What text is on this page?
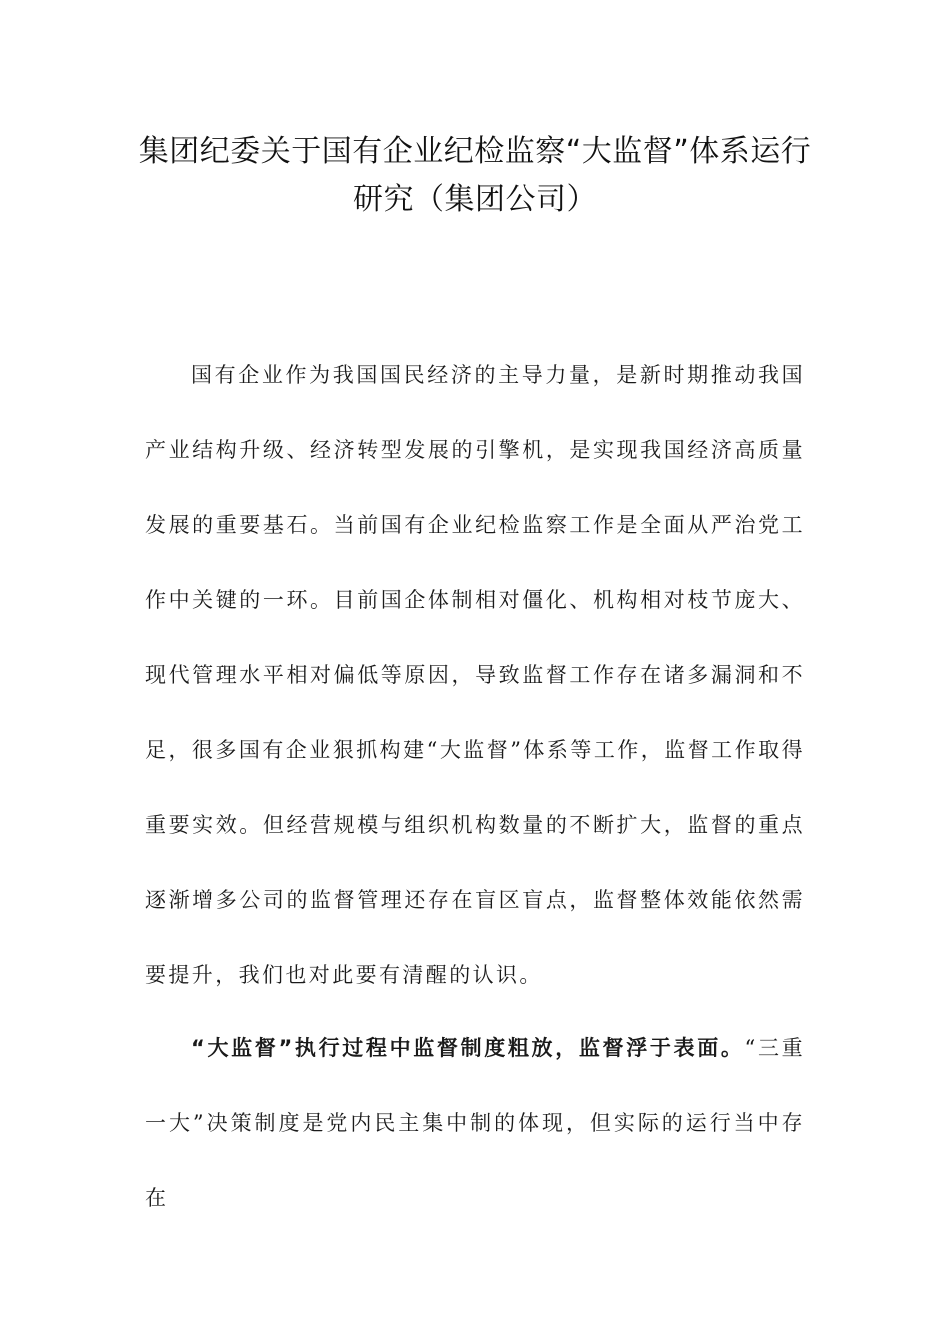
集团纪委关于国有企业纪检监察“大监督”体系运行
研究（集团公司）

国有企业作为我国国民经济的主导力量，是新时期推动我国产业结构升级、经济转型发展的引擎机，是实现我国经济高质量发展的重要基石。当前国有企业纪检监察工作是全面从严治党工作中关键的一环。目前国企体制相对僵化、机构相对枝节庞大、现代管理水平相对偏低等原因，导致监督工作存在诸多漏洞和不足，很多国有企业狠抓构建“大监督”体系等工作，监督工作取得重要实效。但经营规模与组织机构数量的不断扩大，监督的重点逐渐增多公司的监督管理还存在盲区盲点，监督整体效能依然需要提升，我们也对此要有清醒的认识。

“大监督”执行过程中监督制度粗放，监督浮于表面。“三重一大”决策制度是党内民主集中制的体现，但实际的运行当中存在
